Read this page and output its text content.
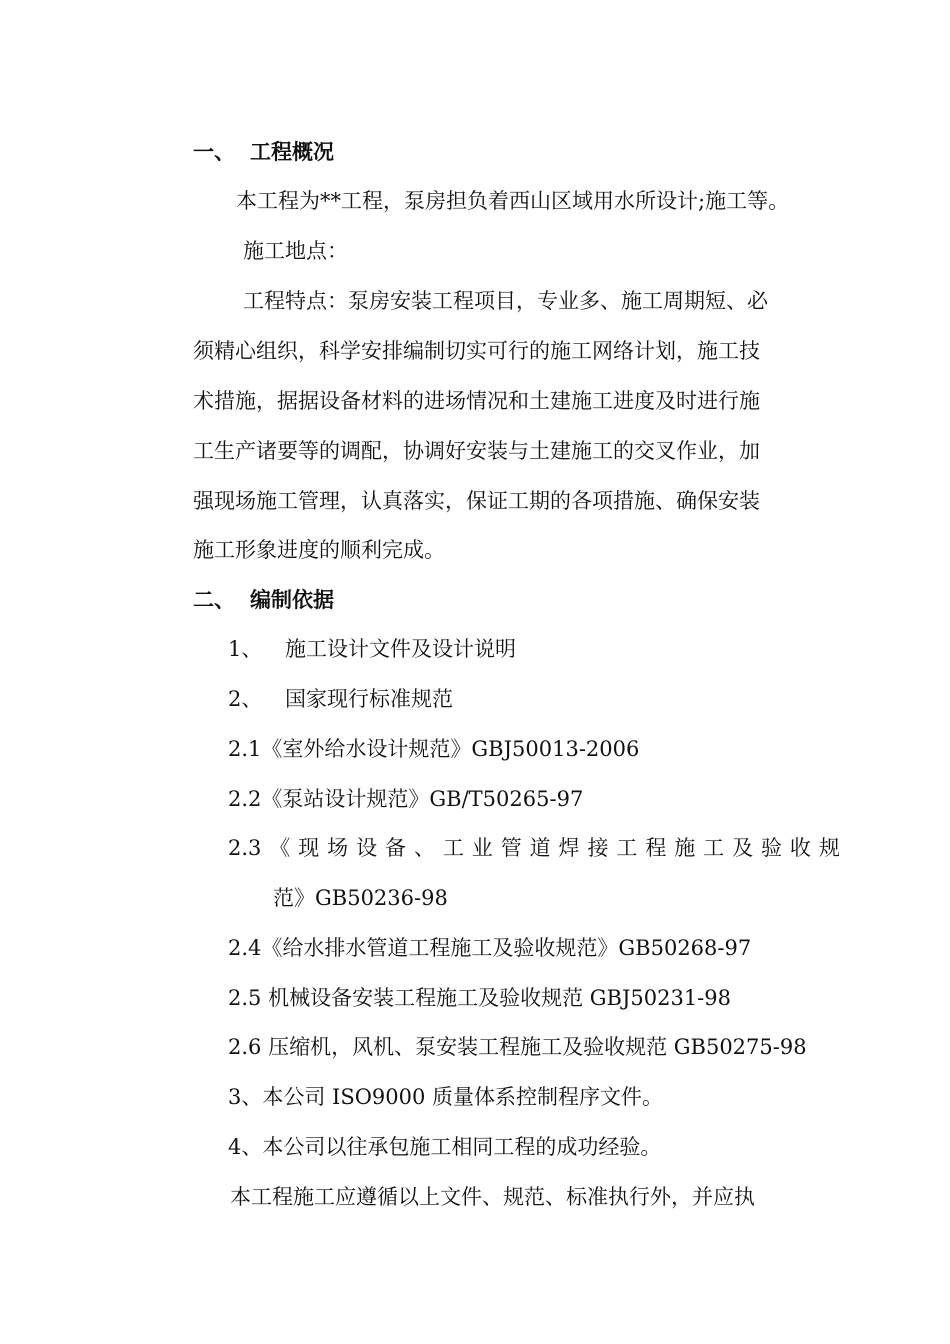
一、 工程概况
本工程为**工程，泵房担负着西山区域用水所设计;施工等。
施工地点：
工程特点：泵房安装工程项目，专业多、施工周期短、必
须精心组织，科学安排编制切实可行的施工网络计划，施工技
术措施，据据设备材料的进场情况和土建施工进度及时进行施
工生产诸要等的调配，协调好安装与土建施工的交叉作业，加
强现场施工管理，认真落实，保证工期的各项措施、确保安装
施工形象进度的顺利完成。
二、 编制依据
1、 施工设计文件及设计说明
2、 国家现行标准规范
2.1《室外给水设计规范》GBJ50013-2006
2.2《泵站设计规范》GB/T50265-97
2.3 《 现 场 设 备 、 工 业 管 道 焊 接 工 程 施 工 及 验 收 规
范》GB50236-98
2.4《给水排水管道工程施工及验收规范》GB50268-97
2.5 机械设备安装工程施工及验收规范 GBJ50231-98
2.6 压缩机，风机、泵安装工程施工及验收规范 GB50275-98
3、本公司 ISO9000 质量体系控制程序文件。
4、本公司以往承包施工相同工程的成功经验。
本工程施工应遵循以上文件、规范、标准执行外，并应执
